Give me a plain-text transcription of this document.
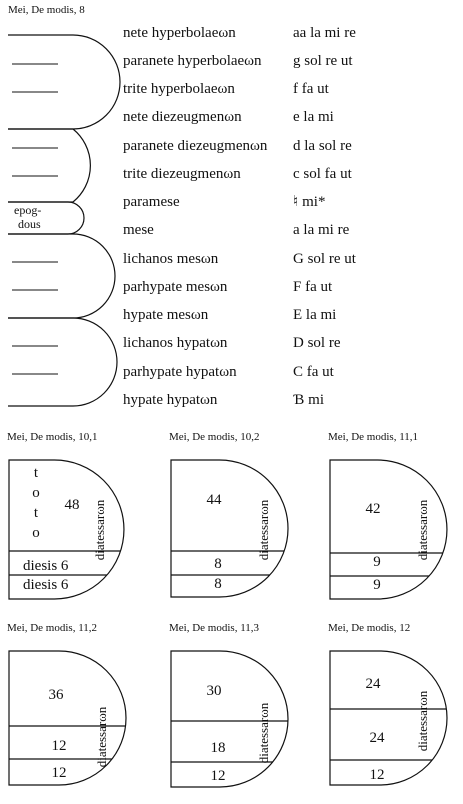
Mei, De modis, 8
epog-
dous
nete hyperbolaeωn	aa la mi re
paranete hyperbolaeωn g sol re ut
trite hyperbolaeωn	f fa ut
nete diezeugmenωn	e la mi
paranete diezeugmenωn d la sol re
trite diezeugmenωn	c sol fa ut
paramese	♮ mi*
mese	a la mi re
lichanos mesωn	G sol re ut
parhypate mesωn	F fa ut
hypate mesωn	E la mi
lichanos hypatωn	D sol re
parhypate hypatωn	C fa ut
hypate hypatωn	Ɓ mi
Mei, De modis, 10,1
diatessarωn
48
diesis 6
diesis 6
t
o
t
o
Mei, De modis, 10,2
diatessarωn
44
8
8
Mei, De modis, 11,1
diatessarωn
42
9
9
Mei, De modis, 11,2
diatessarωn
36
12
12
Mei, De modis, 11,3
diatessarωn
30
18
12
Mei, De modis, 12
diatessarωn
24
24
12
